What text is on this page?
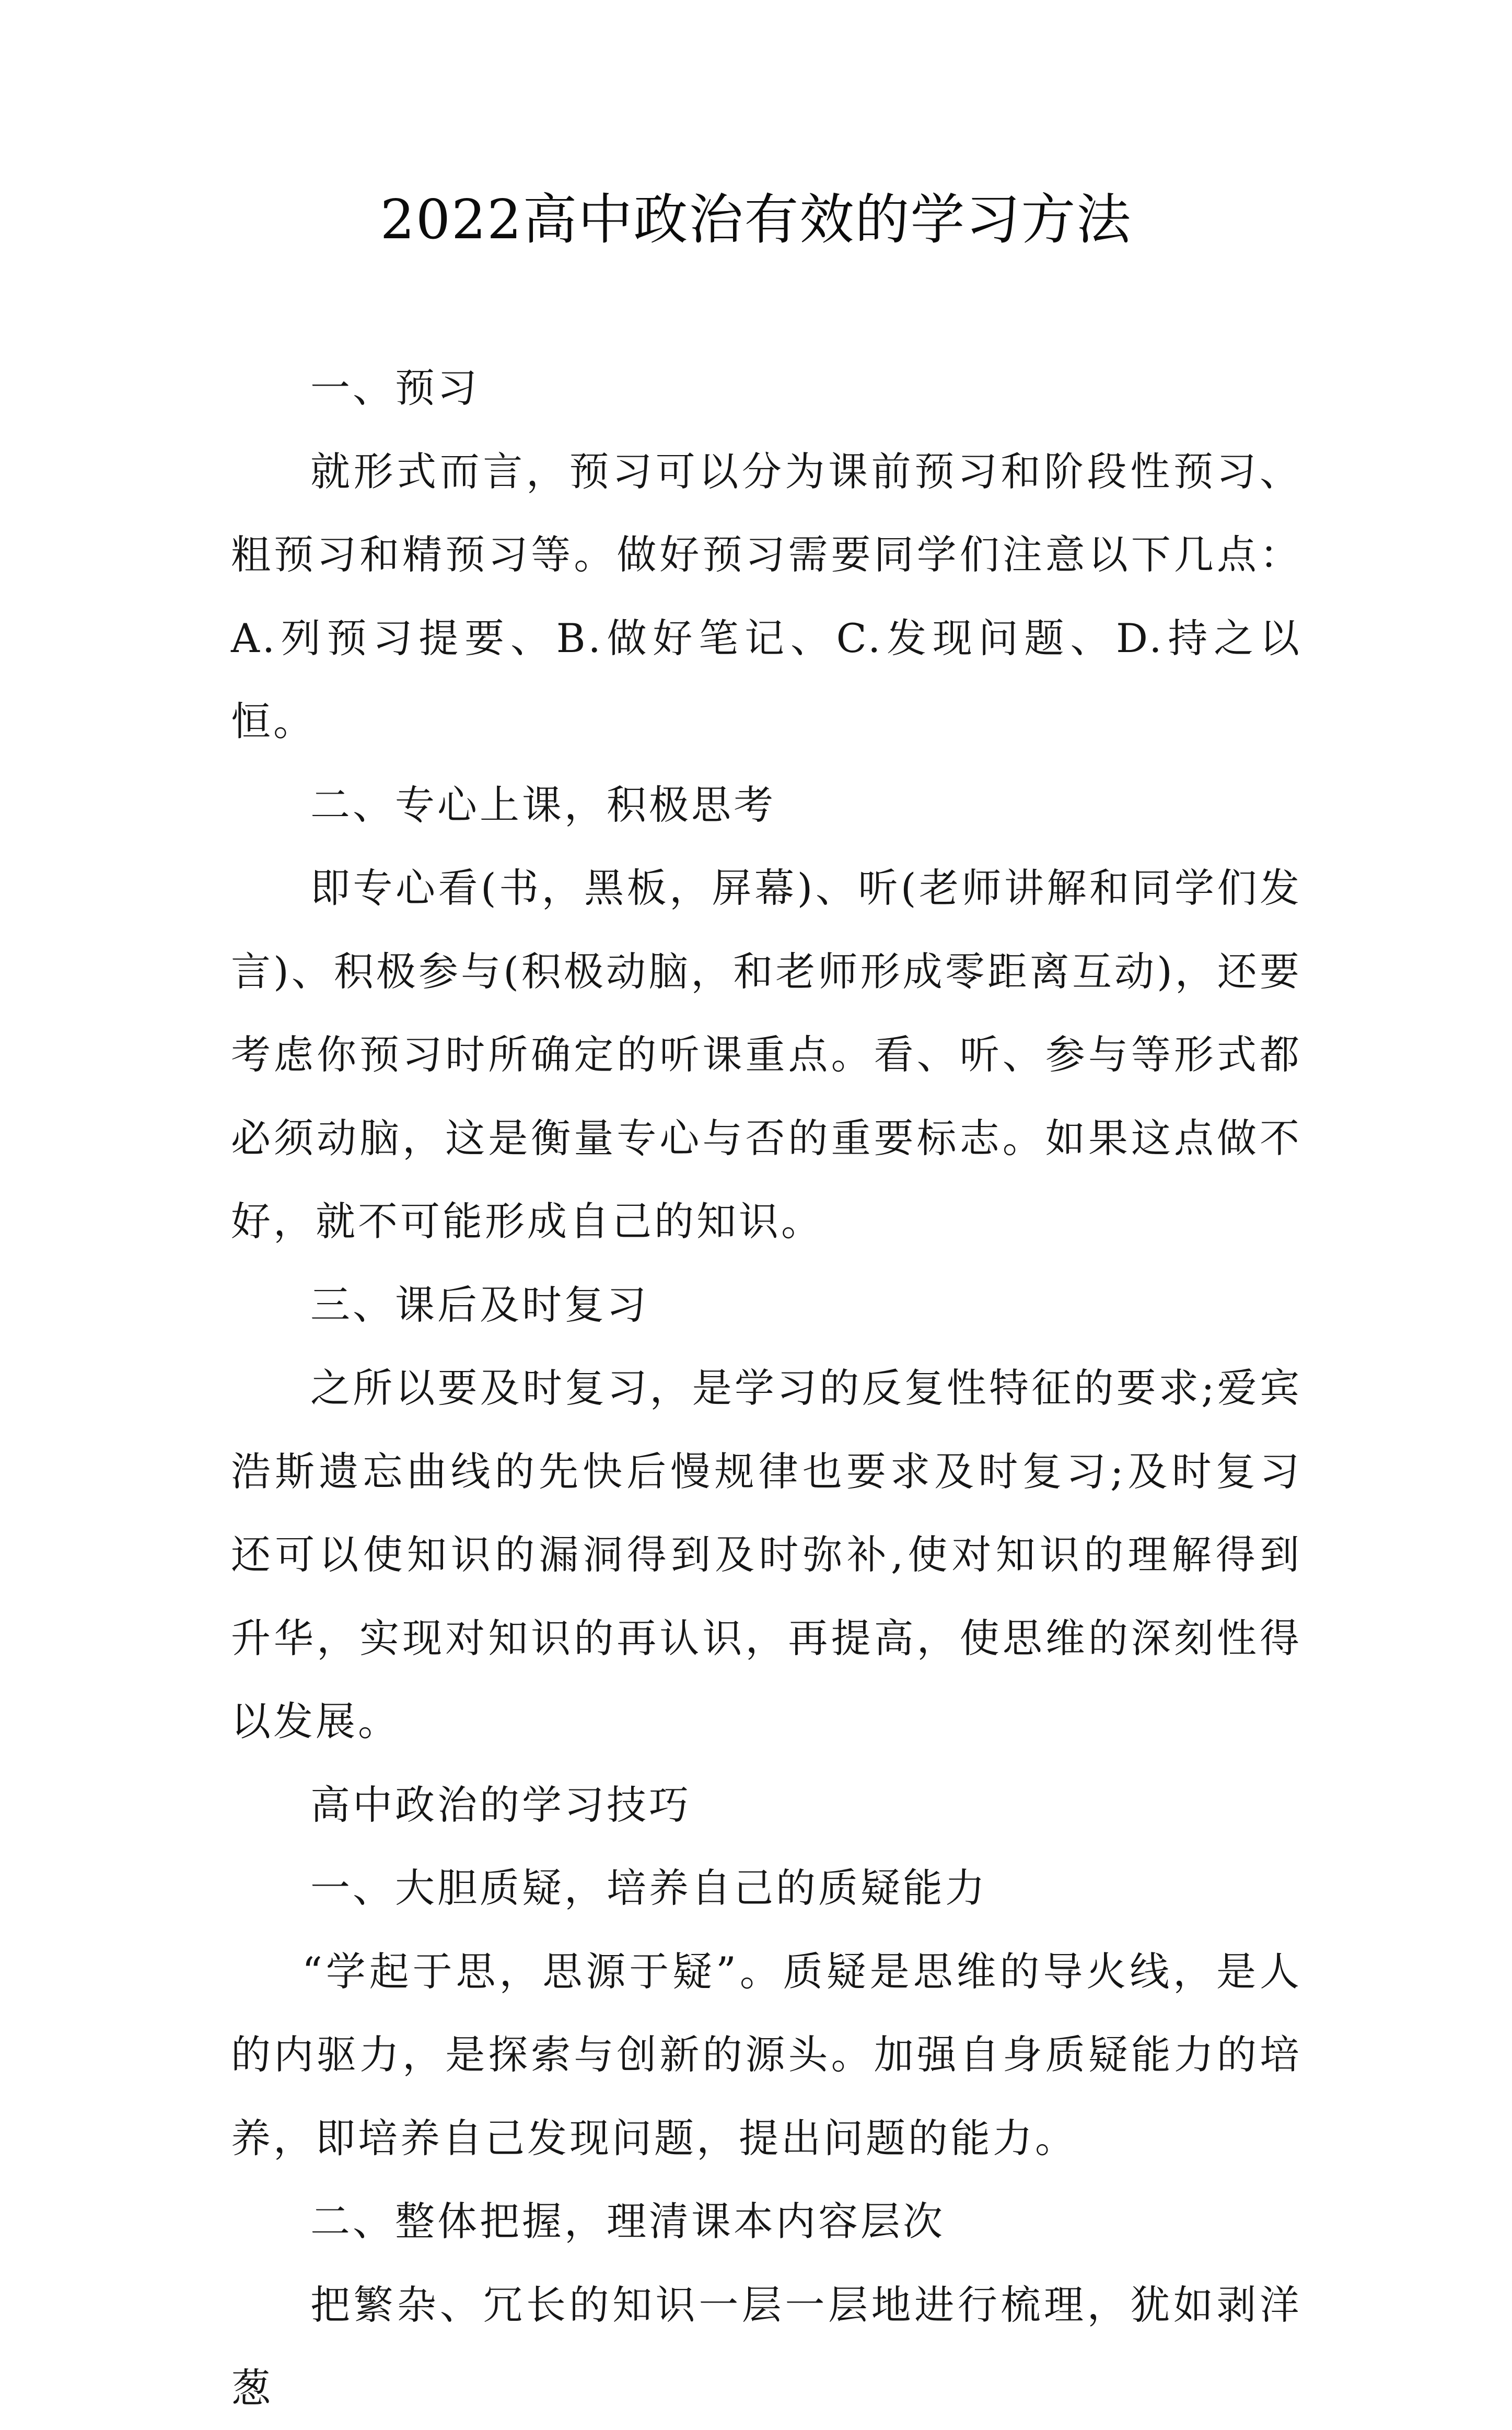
2022高中政治有效的学习方法

一、预习

就形式而言，预习可以分为课前预习和阶段性预习、粗预习和精预习等。做好预习需要同学们注意以下几点：A.列预习提要、B.做好笔记、C.发现问题、D.持之以恒。

二、专心上课，积极思考

即专心看(书，黑板，屏幕)、听(老师讲解和同学们发言)、积极参与(积极动脑，和老师形成零距离互动)，还要考虑你预习时所确定的听课重点。看、听、参与等形式都必须动脑，这是衡量专心与否的重要标志。如果这点做不好，就不可能形成自己的知识。

三、课后及时复习

之所以要及时复习，是学习的反复性特征的要求;爱宾浩斯遗忘曲线的先快后慢规律也要求及时复习;及时复习还可以使知识的漏洞得到及时弥补,使对知识的理解得到升华，实现对知识的再认识，再提高，使思维的深刻性得以发展。

高中政治的学习技巧

一、大胆质疑，培养自己的质疑能力

“学起于思，思源于疑”。质疑是思维的导火线，是人的内驱力，是探索与创新的源头。加强自身质疑能力的培养，即培养自己发现问题，提出问题的能力。

二、整体把握，理清课本内容层次

把繁杂、冗长的知识一层一层地进行梳理，犹如剥洋葱
